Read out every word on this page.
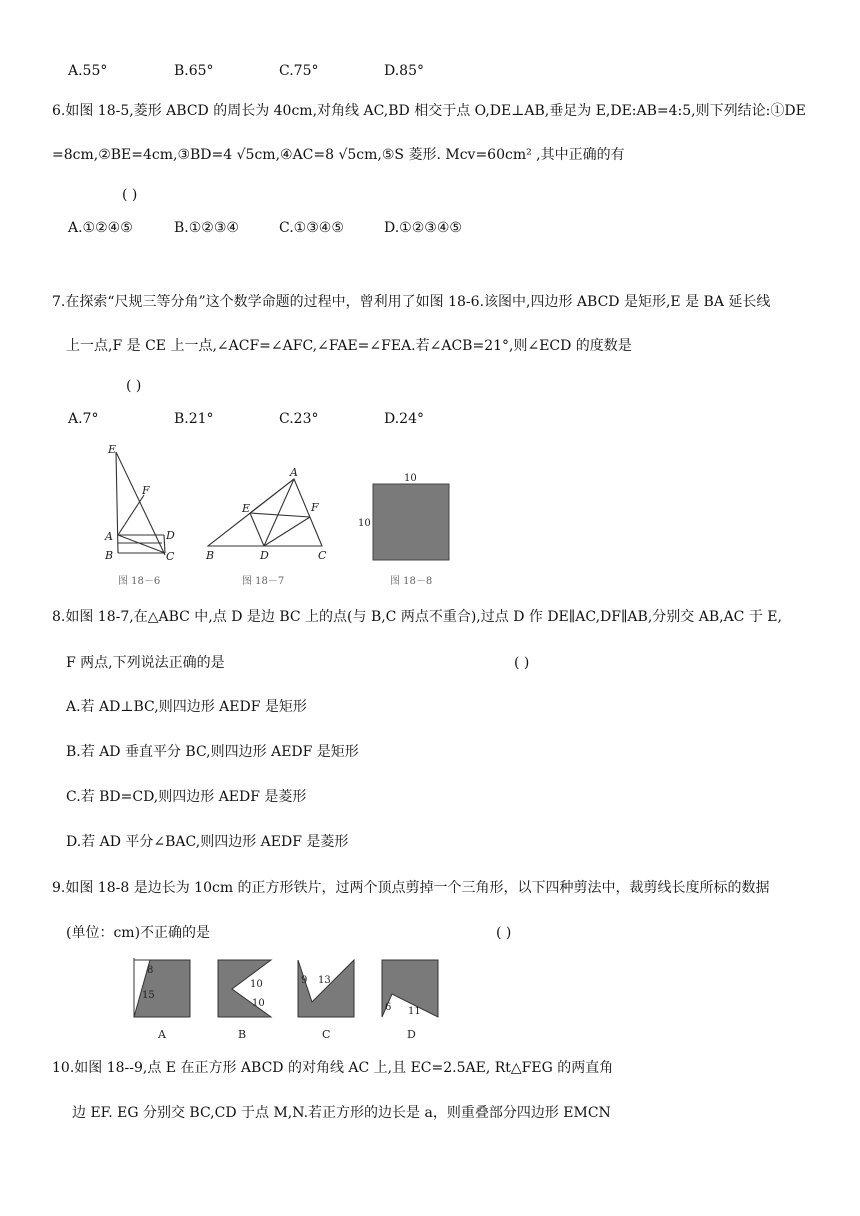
A.55°	B.65°	C.75°	D.85°
6.如图 18-5,菱形 ABCD 的周长为 40cm,对角线 AC,BD 相交于点 O,DE⊥AB,垂足为 E,DE:AB=4:5,则下列结论:①DE
=8cm,②BE=4cm,③BD=4 √5cm,④AC=8 √5cm,⑤S 菱形. Mcv=60cm² ,其中正确的有
( )
A.①②④⑤	B.①②③④	C.①③④⑤	D.①②③④⑤
7.在探索“尺规三等分角”这个数学命题的过程中，曾利用了如图 18-6.该图中,四边形 ABCD 是矩形,E 是 BA 延长线
上一点,F 是 CE 上一点,∠ACF=∠AFC,∠FAE=∠FEA.若∠ACB=21°,则∠ECD 的度数是
( )
A.7°	B.21°	C.23°	D.24°
E
F
A	D
B	C
图 18－6
A
E	F
B	D	C
图 18－7
10
10
图 18－8
8.如图 18-7,在△ABC 中,点 D 是边 BC 上的点(与 B,C 两点不重合),过点 D 作 DE∥AC,DF∥AB,分别交 AB,AC 于 E,
F 两点,下列说法正确的是	( )
A.若 AD⊥BC,则四边形 AEDF 是矩形
B.若 AD 垂直平分 BC,则四边形 AEDF 是矩形
C.若 BD=CD,则四边形 AEDF 是菱形
D.若 AD 平分∠BAC,则四边形 AEDF 是菱形
9.如图 18-8 是边长为 10cm 的正方形铁片，过两个顶点剪掉一个三角形，以下四种剪法中，裁剪线长度所标的数据
(单位：cm)不正确的是	( )
8
15
A
10
10
B
9 13
C
6 11
D
10.如图 18--9,点 E 在正方形 ABCD 的对角线 AC 上,且 EC=2.5AE, Rt△FEG 的两直角
边 EF. EG 分别交 BC,CD 于点 M,N.若正方形的边长是 a，则重叠部分四边形 EMCN
